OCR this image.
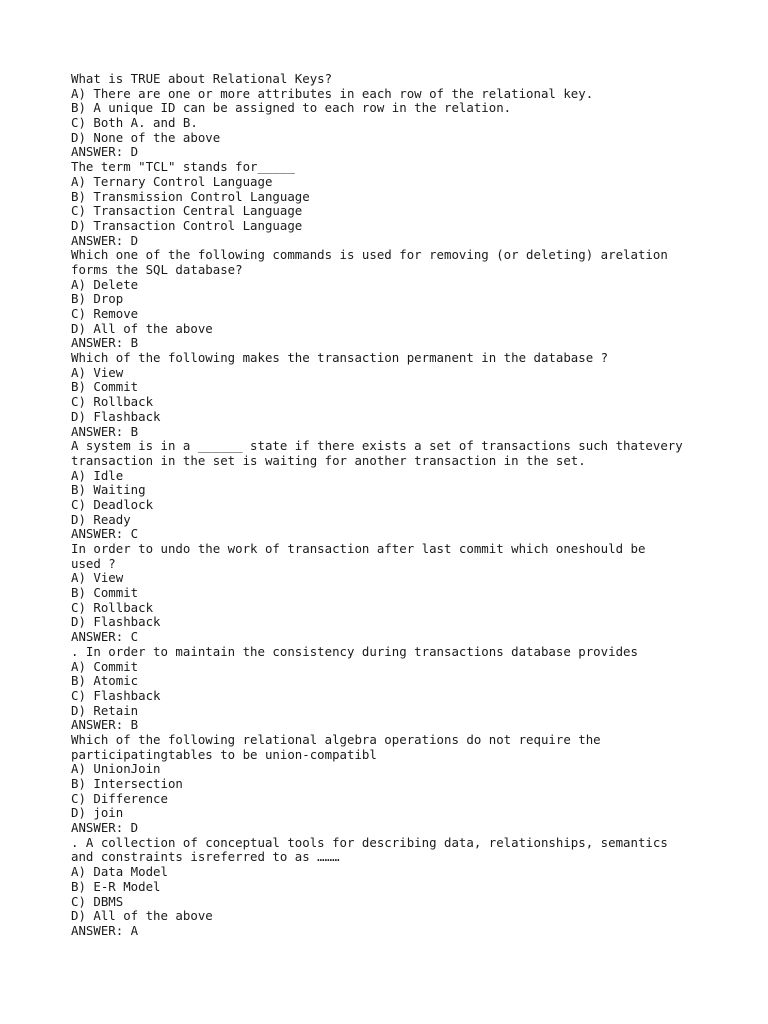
What is TRUE about Relational Keys?
A) There are one or more attributes in each row of the relational key.
B) A unique ID can be assigned to each row in the relation.
C) Both A. and B.
D) None of the above
ANSWER: D
The term "TCL" stands for_____
A) Ternary Control Language
B) Transmission Control Language
C) Transaction Central Language
D) Transaction Control Language
ANSWER: D
Which one of the following commands is used for removing (or deleting) arelation
forms the SQL database?
A) Delete
B) Drop
C) Remove
D) All of the above
ANSWER: B
Which of the following makes the transaction permanent in the database ?
A) View
B) Commit
C) Rollback
D) Flashback
ANSWER: B
A system is in a ______ state if there exists a set of transactions such thatevery
transaction in the set is waiting for another transaction in the set.
A) Idle
B) Waiting
C) Deadlock
D) Ready
ANSWER: C
In order to undo the work of transaction after last commit which oneshould be
used ?
A) View
B) Commit
C) Rollback
D) Flashback
ANSWER: C
. In order to maintain the consistency during transactions database provides
A) Commit
B) Atomic
C) Flashback
D) Retain
ANSWER: B
Which of the following relational algebra operations do not require the
participatingtables to be union-compatibl
A) UnionJoin
B) Intersection
C) Difference
D) join
ANSWER: D
. A collection of conceptual tools for describing data, relationships, semantics
and constraints isreferred to as ………
A) Data Model
B) E-R Model
C) DBMS
D) All of the above
ANSWER: A
